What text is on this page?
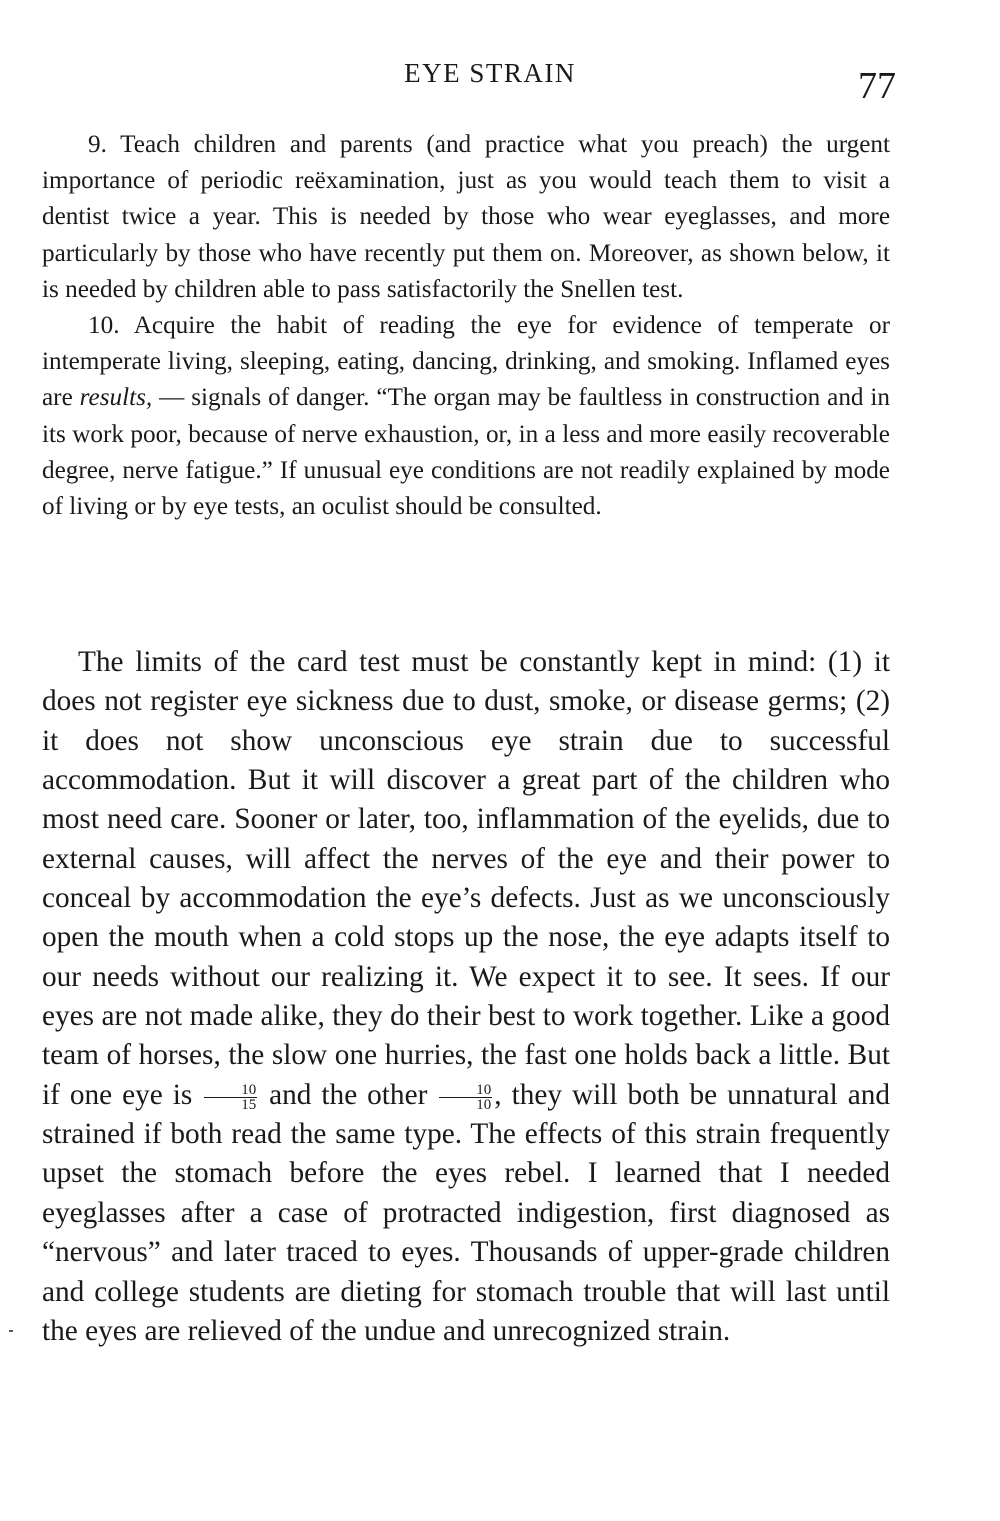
EYE STRAIN	77

9. Teach children and parents (and practice what you preach) the urgent importance of periodic reëxamination, just as you would teach them to visit a dentist twice a year. This is needed by those who wear eyeglasses, and more particularly by those who have recently put them on. Moreover, as shown below, it is needed by children able to pass satisfactorily the Snellen test.

10. Acquire the habit of reading the eye for evidence of temperate or intemperate living, sleeping, eating, dancing, drinking, and smoking. Inflamed eyes are results, — signals of danger. “The organ may be faultless in construction and in its work poor, because of nerve exhaustion, or, in a less and more easily recoverable degree, nerve fatigue.” If unusual eye conditions are not readily explained by mode of living or by eye tests, an oculist should be consulted.

The limits of the card test must be constantly kept in mind: (1) it does not register eye sickness due to dust, smoke, or disease germs; (2) it does not show unconscious eye strain due to successful accommodation. But it will discover a great part of the children who most need care. Sooner or later, too, inflammation of the eyelids, due to external causes, will affect the nerves of the eye and their power to conceal by accommodation the eye’s defects. Just as we unconsciously open the mouth when a cold stops up the nose, the eye adapts itself to our needs without our realizing it. We expect it to see. It sees. If our eyes are not made alike, they do their best to work together. Like a good team of horses, the slow one hurries, the fast one holds back a little. But if one eye is $\frac{10}{15}$ and the other $\frac{10}{10}$ , they will both be unnatural and strained if both read the same type. The effects of this strain frequently upset the stomach before the eyes rebel. I learned that I needed eyeglasses after a case of protracted indigestion, first diagnosed as “nervous” and later traced to eyes. Thousands of upper-grade children and college students are dieting for stomach trouble that will last until the eyes are relieved of the undue and unrecognized strain.
